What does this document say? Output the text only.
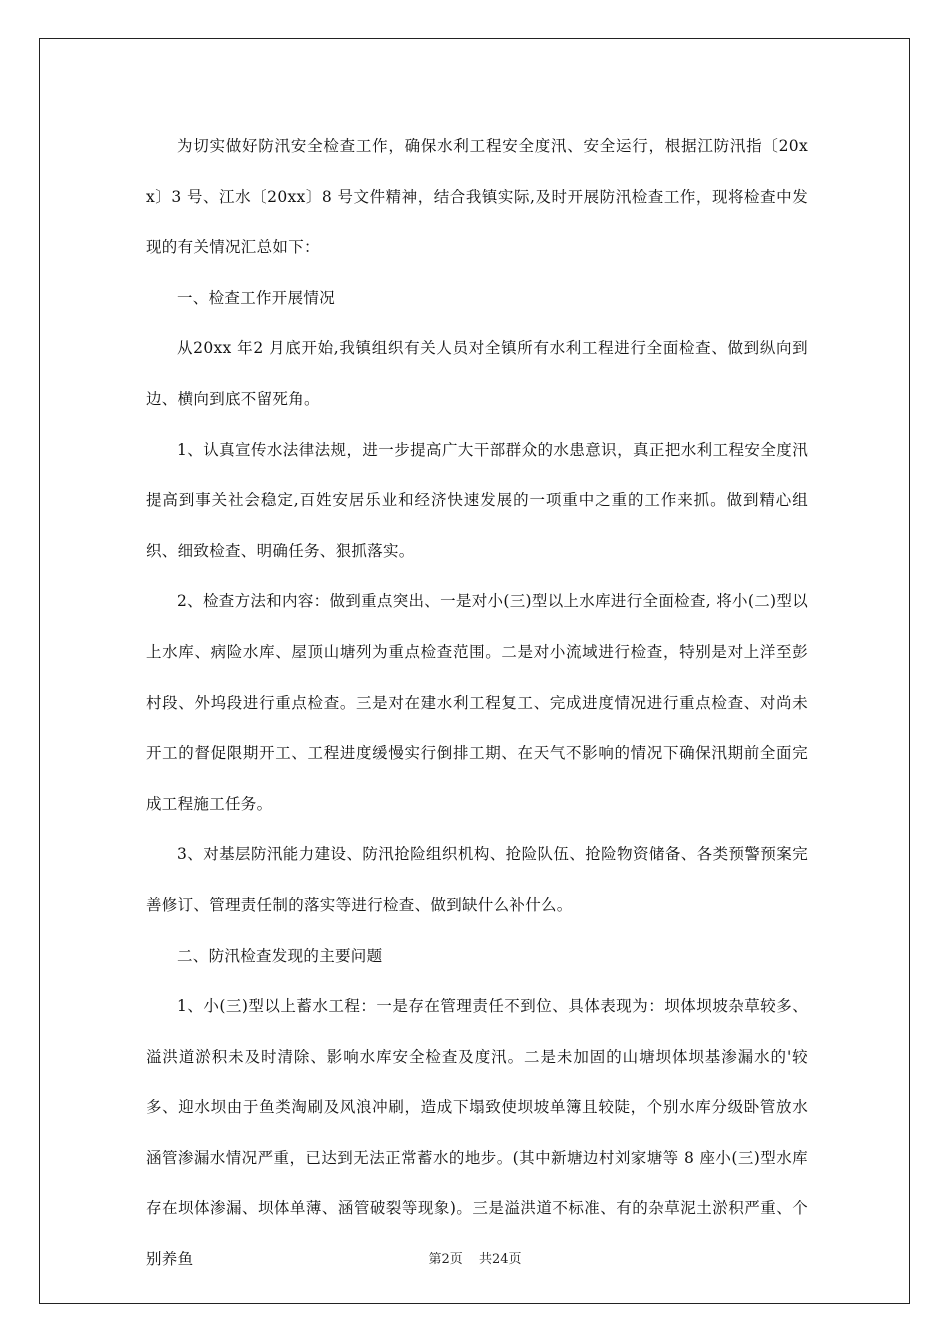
为切实做好防汛安全检查工作，确保水利工程安全度汛、安全运行，根据江防汛指〔20xx〕3 号、江水〔20xx〕8 号文件精神，结合我镇实际,及时开展防汛检查工作，现将检查中发现的有关情况汇总如下：

一、检查工作开展情况

从20xx 年2 月底开始,我镇组织有关人员对全镇所有水利工程进行全面检查、做到纵向到边、横向到底不留死角。

1、认真宣传水法律法规，进一步提高广大干部群众的水患意识，真正把水利工程安全度汛提高到事关社会稳定,百姓安居乐业和经济快速发展的一项重中之重的工作来抓。做到精心组织、细致检查、明确任务、狠抓落实。

2、检查方法和内容：做到重点突出、一是对小(三)型以上水库进行全面检查, 将小(二)型以上水库、病险水库、屋顶山塘列为重点检查范围。二是对小流域进行检查，特别是对上洋至彭村段、外坞段进行重点检查。三是对在建水利工程复工、完成进度情况进行重点检查、对尚未开工的督促限期开工、工程进度缓慢实行倒排工期、在天气不影响的情况下确保汛期前全面完成工程施工任务。

3、对基层防汛能力建设、防汛抢险组织机构、抢险队伍、抢险物资储备、各类预警预案完善修订、管理责任制的落实等进行检查、做到缺什么补什么。

二、防汛检查发现的主要问题

1、小(三)型以上蓄水工程：一是存在管理责任不到位、具体表现为：坝体坝坡杂草较多、溢洪道淤积未及时清除、影响水库安全检查及度汛。二是未加固的山塘坝体坝基渗漏水的'较多、迎水坝由于鱼类淘刷及风浪冲刷，造成下塌致使坝坡单簿且较陡，个别水库分级卧管放水涵管渗漏水情况严重，已达到无法正常蓄水的地步。(其中新塘边村刘家塘等 8 座小(三)型水库存在坝体渗漏、坝体单薄、涵管破裂等现象)。三是溢洪道不标准、有的杂草泥土淤积严重、个别养鱼	第2页 共24页
